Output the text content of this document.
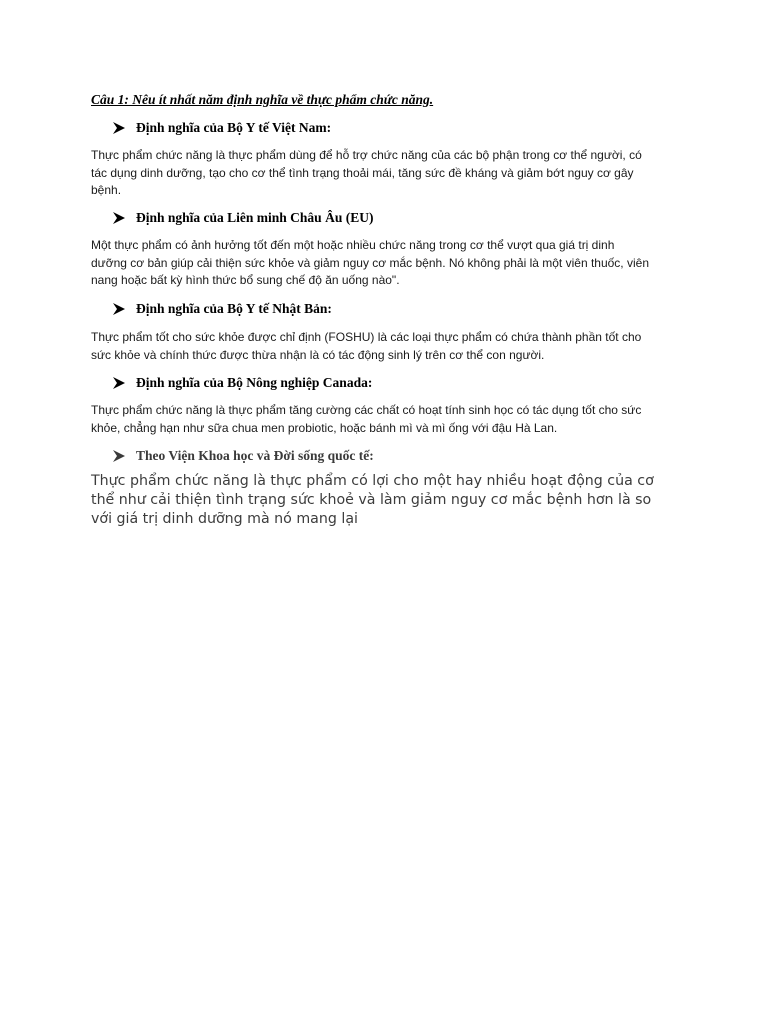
Câu 1: Nêu ít nhất năm định nghĩa về thực phẩm chức năng.
Định nghĩa của Bộ Y tế Việt Nam:
Thực phẩm chức năng là thực phẩm dùng để hỗ trợ chức năng của các bộ phận trong cơ thể người, có
tác dụng dinh dưỡng, tạo cho cơ thể tình trạng thoải mái, tăng sức đề kháng và giảm bớt nguy cơ gây
bệnh.
Định nghĩa của Liên minh Châu Âu (EU)
Một thực phẩm có ảnh hưởng tốt đến một hoặc nhiều chức năng trong cơ thể vượt qua giá trị dinh
dưỡng cơ bản giúp cải thiện sức khỏe và giảm nguy cơ mắc bệnh. Nó không phải là một viên thuốc, viên
nang hoặc bất kỳ hình thức bổ sung chế độ ăn uống nào".
Định nghĩa của Bộ Y tế Nhật Bản:
Thực phẩm tốt cho sức khỏe được chỉ định (FOSHU) là các loại thực phẩm có chứa thành phần tốt cho
sức khỏe và chính thức được thừa nhận là có tác động sinh lý trên cơ thể con người.
Định nghĩa của Bộ Nông nghiệp Canada:
Thực phẩm chức năng là thực phẩm tăng cường các chất có hoạt tính sinh học có tác dụng tốt cho sức
khỏe, chẳng hạn như sữa chua men probiotic, hoặc bánh mì và mì ống với đậu Hà Lan.
Theo Viện Khoa học và Đời sống quốc tế:
Thực phẩm chức năng là thực phẩm có lợi cho một hay nhiều hoạt động của cơ
thể như cải thiện tình trạng sức khoẻ và làm giảm nguy cơ mắc bệnh hơn là so
với giá trị dinh dưỡng mà nó mang lại
